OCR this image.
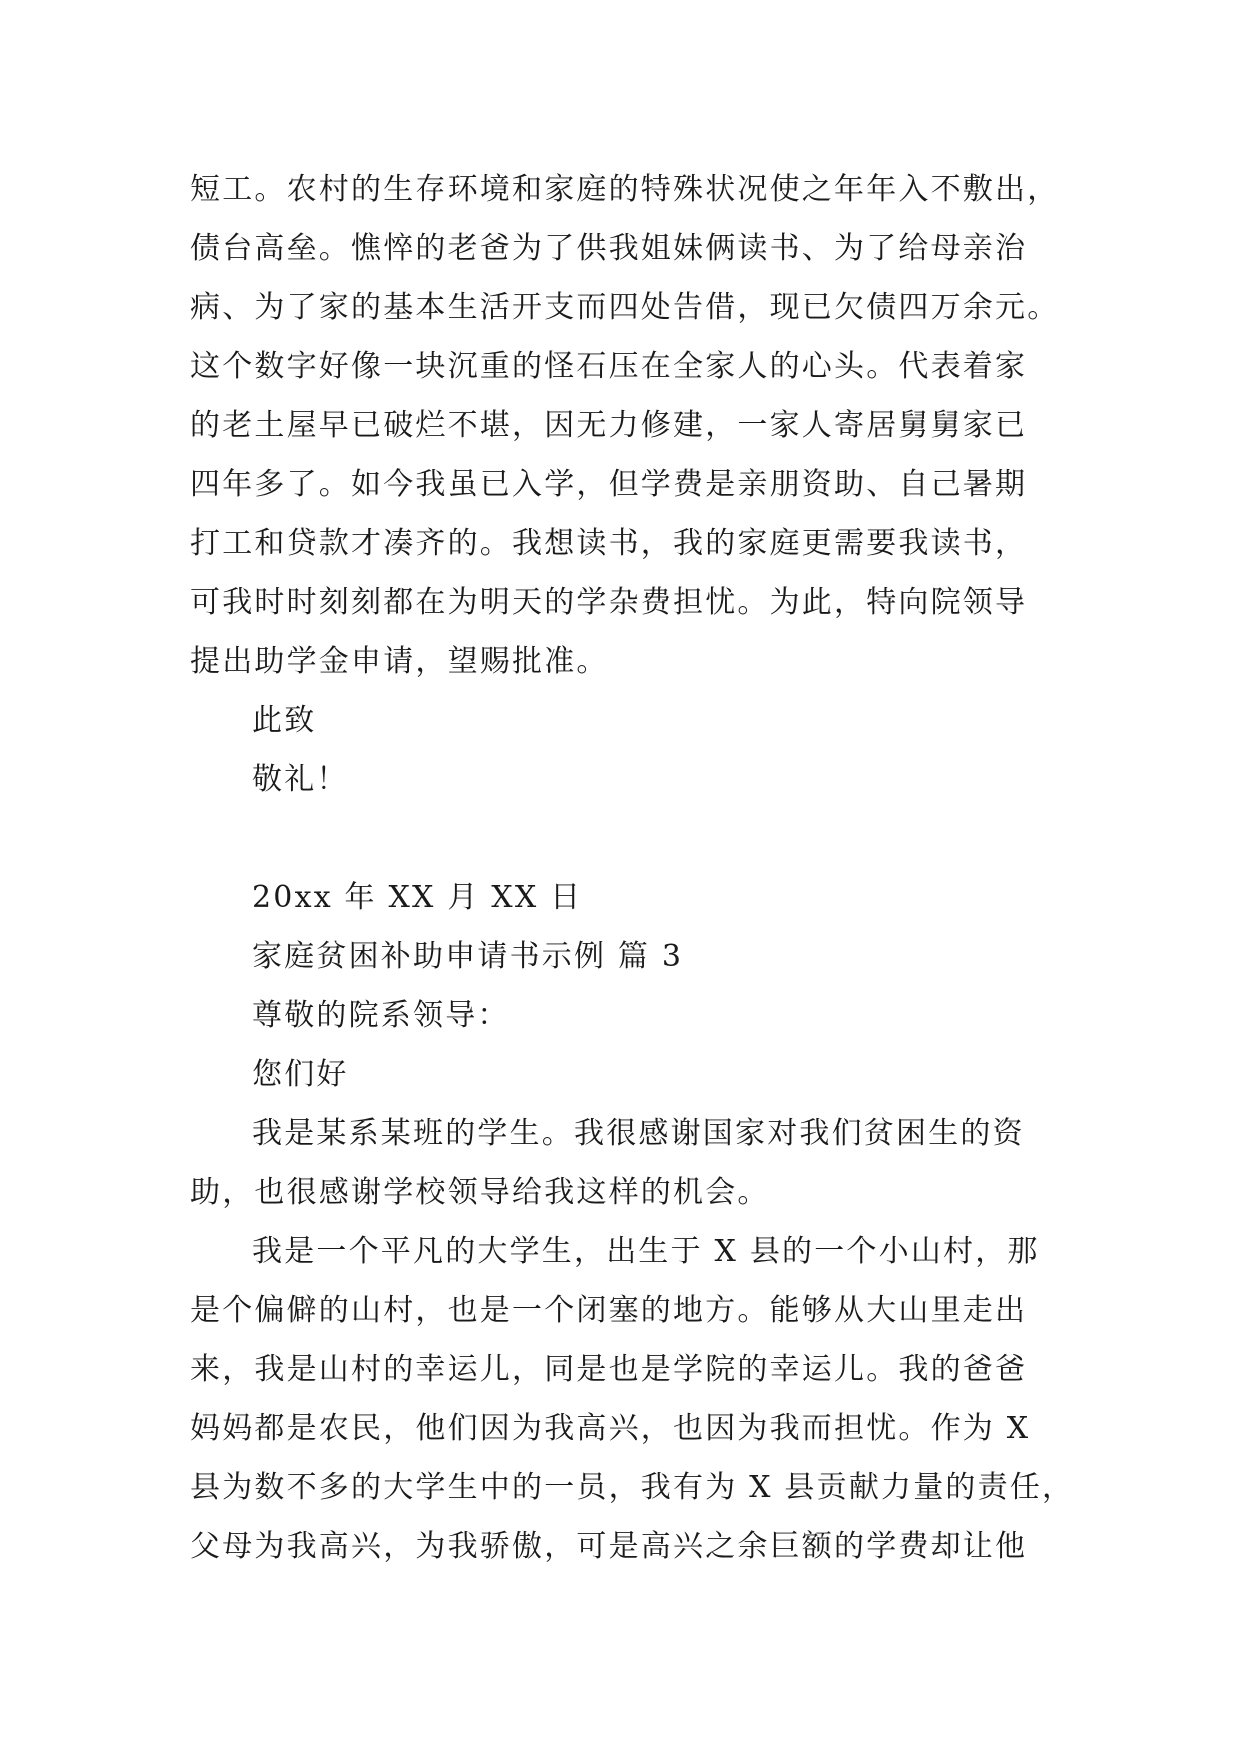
短工。农村的生存环境和家庭的特殊状况使之年年入不敷出，
债台高垒。憔悴的老爸为了供我姐妹俩读书、为了给母亲治
病、为了家的基本生活开支而四处告借，现已欠债四万余元。
这个数字好像一块沉重的怪石压在全家人的心头。代表着家
的老土屋早已破烂不堪，因无力修建，一家人寄居舅舅家已
四年多了。如今我虽已入学，但学费是亲朋资助、自己暑期
打工和贷款才凑齐的。我想读书，我的家庭更需要我读书，
可我时时刻刻都在为明天的学杂费担忧。为此，特向院领导
提出助学金申请，望赐批准。
此致
敬礼！
20xx 年 XX 月 XX 日
家庭贫困补助申请书示例 篇 3
尊敬的院系领导：
您们好
我是某系某班的学生。我很感谢国家对我们贫困生的资
助，也很感谢学校领导给我这样的机会。
我是一个平凡的大学生，出生于 X 县的一个小山村，那
是个偏僻的山村，也是一个闭塞的地方。能够从大山里走出
来，我是山村的幸运儿，同是也是学院的幸运儿。我的爸爸
妈妈都是农民，他们因为我高兴，也因为我而担忧。作为 X
县为数不多的大学生中的一员，我有为 X 县贡献力量的责任，
父母为我高兴，为我骄傲，可是高兴之余巨额的学费却让他
